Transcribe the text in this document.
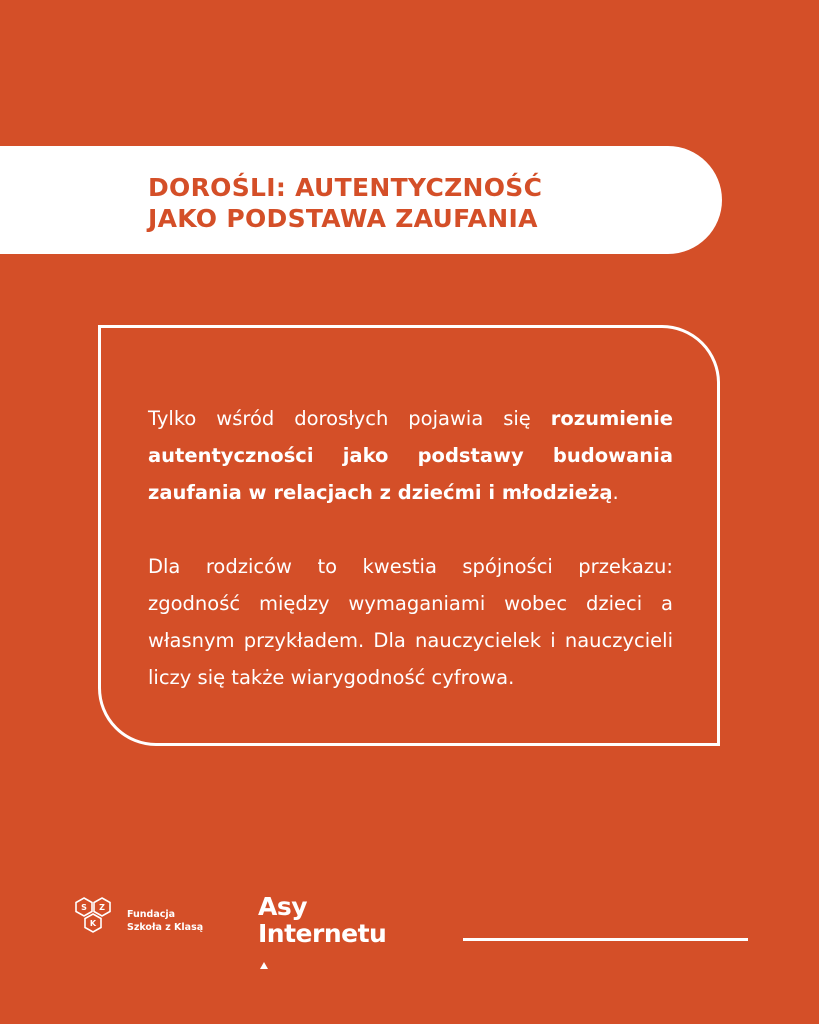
DOROŚLI: AUTENTYCZNOŚĆ
JAKO PODSTAWA ZAUFANIA

Tylko wśród dorosłych pojawia się rozumienie autentyczności jako podstawy budowania zaufania w relacjach z dziećmi i młodzieżą.

Dla rodziców to kwestia spójności przekazu: zgodność między wymaganiami wobec dzieci a własnym przykładem. Dla nauczycielek i nauczycieli liczy się także wiarygodność cyfrowa.

S Z
K
Fundacja
Szkoła z Klasą
Asy
Internetu
